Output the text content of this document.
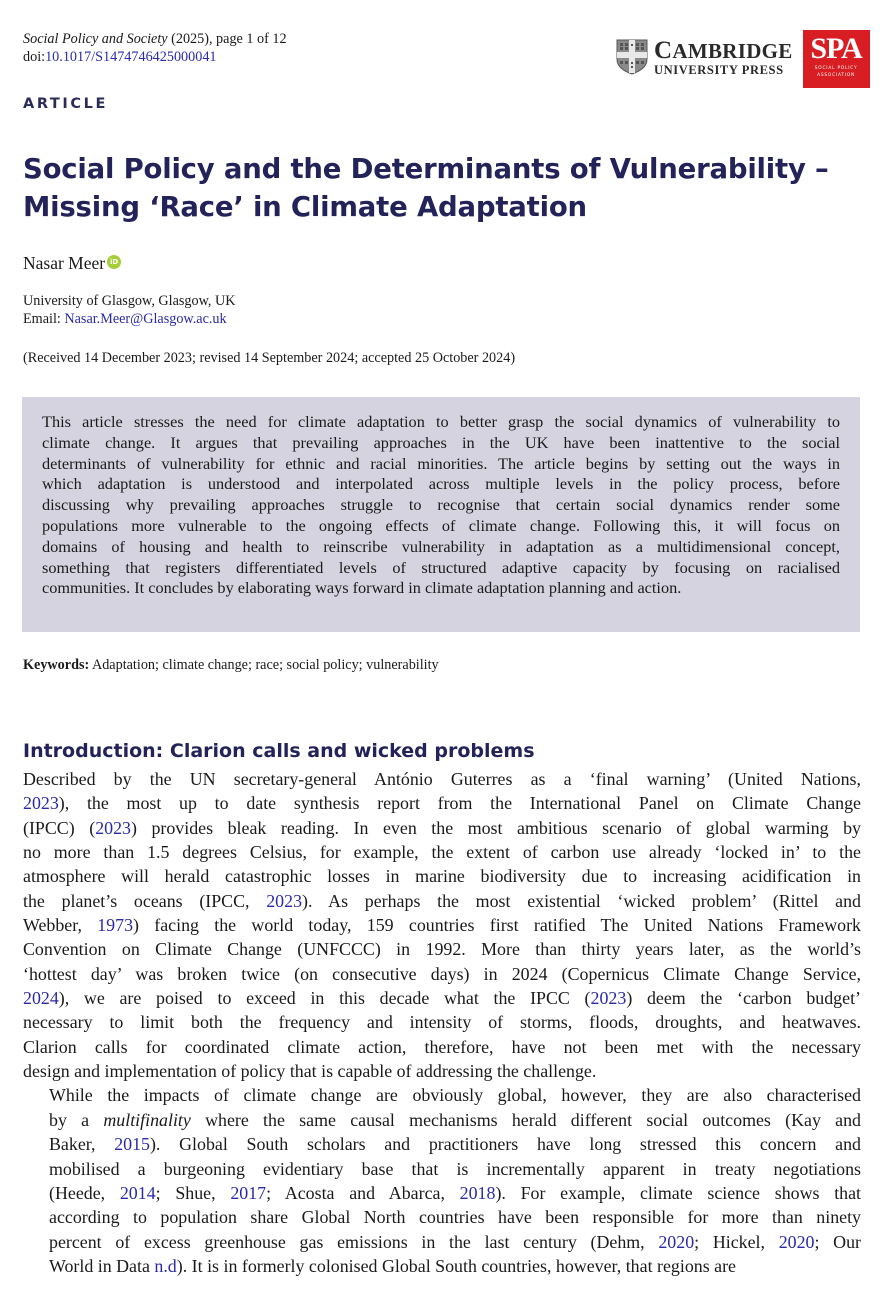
Social Policy and Society (2025), page 1 of 12
doi:10.1017/S1474746425000041	CAMBRIDGE
UNIVERSITY PRESS
SPA
SOCIAL POLICY
ASSOCIATION
ARTICLE
Social Policy and the Determinants of Vulnerability –
Missing ‘Race’ in Climate Adaptation
Nasar Meer iD
University of Glasgow, Glasgow, UK
Email: Nasar.Meer@Glasgow.ac.uk
(Received 14 December 2023; revised 14 September 2024; accepted 25 October 2024)

This article stresses the need for climate adaptation to better grasp the social dynamics of vulnerability to
climate change. It argues that prevailing approaches in the UK have been inattentive to the social
determinants of vulnerability for ethnic and racial minorities. The article begins by setting out the ways in
which adaptation is understood and interpolated across multiple levels in the policy process, before
discussing why prevailing approaches struggle to recognise that certain social dynamics render some
populations more vulnerable to the ongoing effects of climate change. Following this, it will focus on
domains of housing and health to reinscribe vulnerability in adaptation as a multidimensional concept,
something that registers differentiated levels of structured adaptive capacity by focusing on racialised
communities. It concludes by elaborating ways forward in climate adaptation planning and action.

Keywords: Adaptation; climate change; race; social policy; vulnerability
Introduction: Clarion calls and wicked problems

Described by the UN secretary-general António Guterres as a ‘final warning’ (United Nations,
2023), the most up to date synthesis report from the International Panel on Climate Change
(IPCC) (2023) provides bleak reading. In even the most ambitious scenario of global warming by
no more than 1.5 degrees Celsius, for example, the extent of carbon use already ‘locked in’ to the
atmosphere will herald catastrophic losses in marine biodiversity due to increasing acidification in
the planet’s oceans (IPCC, 2023). As perhaps the most existential ‘wicked problem’ (Rittel and
Webber, 1973) facing the world today, 159 countries first ratified The United Nations Framework
Convention on Climate Change (UNFCCC) in 1992. More than thirty years later, as the world’s
‘hottest day’ was broken twice (on consecutive days) in 2024 (Copernicus Climate Change Service,
2024), we are poised to exceed in this decade what the IPCC (2023) deem the ‘carbon budget’
necessary to limit both the frequency and intensity of storms, floods, droughts, and heatwaves.
Clarion calls for coordinated climate action, therefore, have not been met with the necessary
design and implementation of policy that is capable of addressing the challenge.

While the impacts of climate change are obviously global, however, they are also characterised
by a multifinality where the same causal mechanisms herald different social outcomes (Kay and
Baker, 2015). Global South scholars and practitioners have long stressed this concern and
mobilised a burgeoning evidentiary base that is incrementally apparent in treaty negotiations
(Heede, 2014; Shue, 2017; Acosta and Abarca, 2018). For example, climate science shows that
according to population share Global North countries have been responsible for more than ninety
percent of excess greenhouse gas emissions in the last century (Dehm, 2020; Hickel, 2020; Our
World in Data n.d). It is in formerly colonised Global South countries, however, that regions are
